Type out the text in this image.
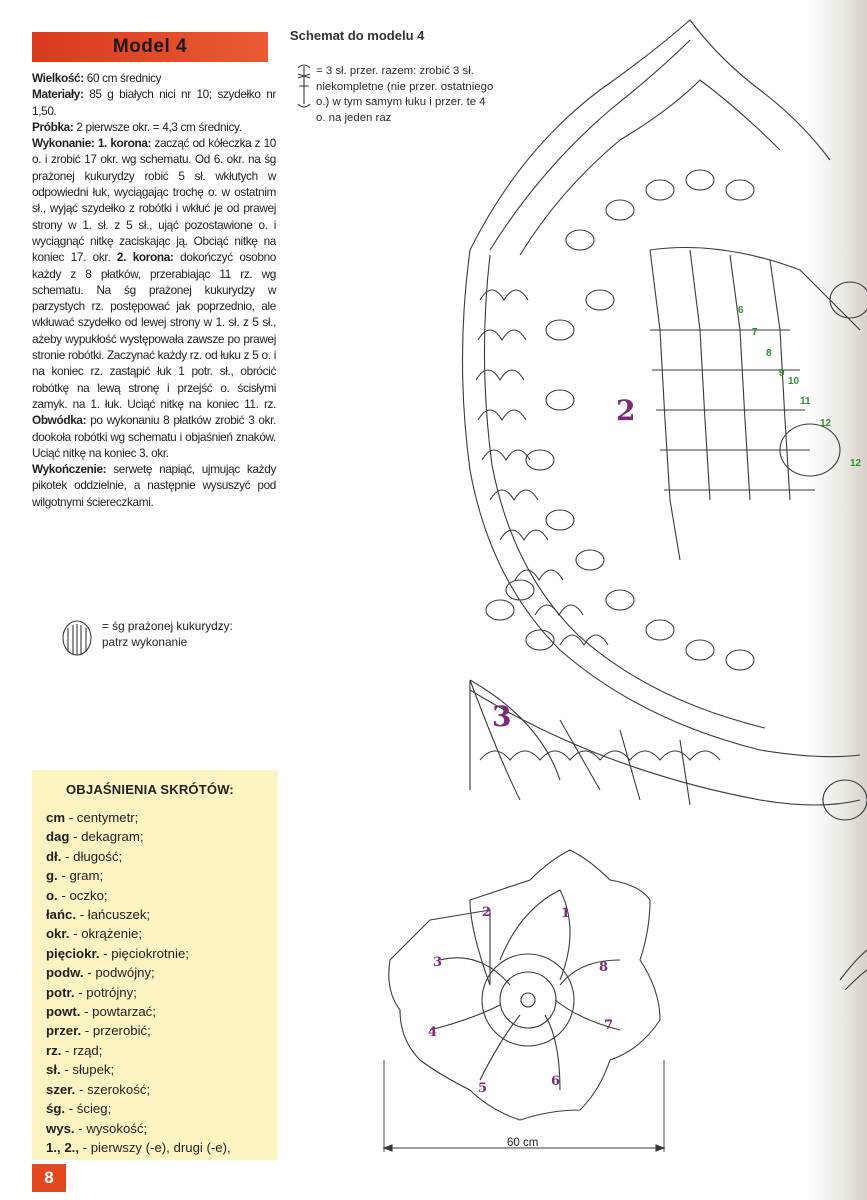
Model 4

Wielkość: 60 cm średnicy

Materiały: 85 g białych nici nr 10; szydełko nr 1,50.

Próbka: 2 pierwsze okr. = 4,3 cm średnicy.

Wykonanie: 1. korona: zacząć od kółeczka z 10 o. i zrobić 17 okr. wg schematu. Od 6. okr. na śg prażonej kukurydzy robić 5 sł. wkłutych w odpowiedni łuk, wyciągając trochę o. w ostatnim sł., wyjąć szydełko z robótki i wkłuć je od prawej strony w 1. sł. z 5 sł., ująć pozostawione o. i wyciągnąć nitkę zaciskając ją. Obciąć nitkę na koniec 17. okr. 2. korona: dokończyć osobno każdy z 8 płatków, przerabiając 11 rz. wg schematu. Na śg prażonej kukurydzy w parzystych rz. postępować jak poprzednio, ale wkłuwać szydełko od lewej strony w 1. sł. z 5 sł., ażeby wypukłość występowała zawsze po prawej stronie robótki. Zaczynać każdy rz. od łuku z 5 o. i na koniec rz. zastąpić łuk 1 potr. sł., obrócić robótkę na lewą stronę i przejść o. ścisłymi zamyk. na 1. łuk. Uciąć nitkę na koniec 11. rz. Obwódka: po wykonaniu 8 płatków zrobić 3 okr. dookoła robótki wg schematu i objaśnień znaków. Uciąć nitkę na koniec 3. okr.

Wykończenie: serwetę napiąć, ujmując każdy pikotek oddzielnie, a następnie wysuszyć pod wilgotnymi ściereczkami.

= śg prażonej kukurydzy: patrz wykonanie
Schemat do modelu 4
= 3 sł. przer. razem: zrobić 3 sł. niekompletne (nie przer. ostatniego o.) w tym samym łuku i przer. te 4 o. na jeden raz
OBJAŚNIENIA SKRÓTÓW:
cm - centymetr;
dag - dekagram;
dł. - długość;
g. - gram;
o. - oczko;
łańc. - łańcuszek;
okr. - okrążenie;
pięciokr. - pięciokrotnie;
podw. - podwójny;
potr. - potrójny;
powt. - powtarzać;
przer. - przerobić;
rz. - rząd;
sł. - słupek;
szer. - szerokość;
śg. - ścieg;
wys. - wysokość;
1., 2., - pierwszy (-e), drugi (-e),
2
3
1
2
3
4
5	6
7
8
6
7
8
9
10
11
12
12
60 cm
8
